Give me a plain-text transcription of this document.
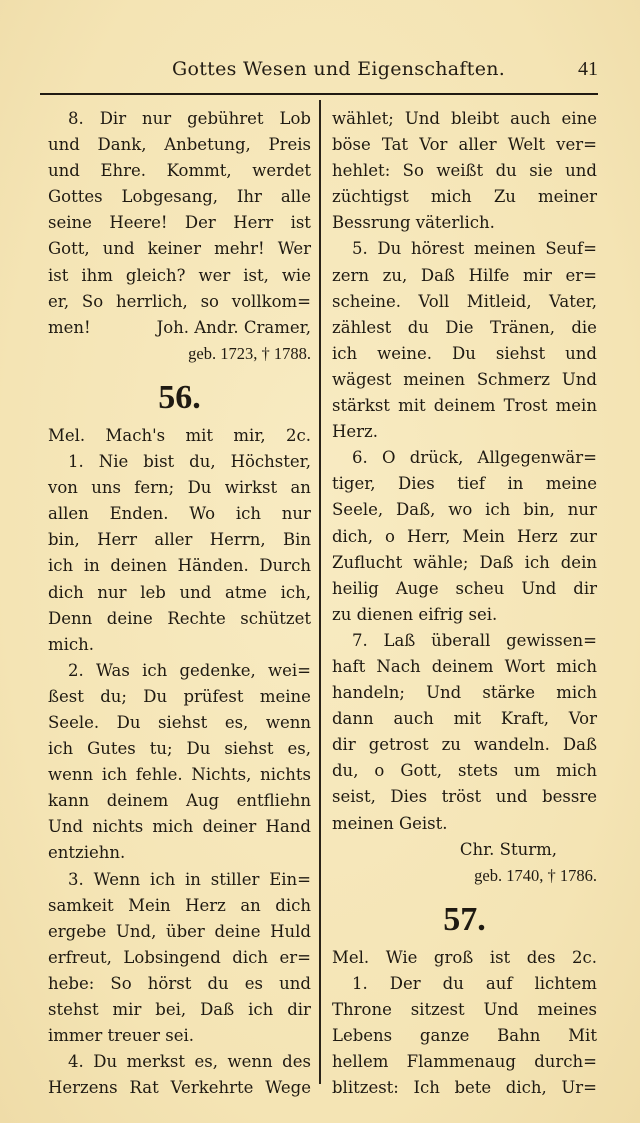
Gottes Wesen und Eigenschaften.	41
8. Dir nur gebühret Lob
und Dank, Anbetung, Preis
und Ehre. Kommt, werdet
Gottes Lobgesang, Ihr alle
seine Heere! Der Herr ist
Gott, und keiner mehr! Wer
ist ihm gleich? wer ist, wie
er, So herrlich, so vollkom=
men!	Joh. Andr. Cramer,
geb. 1723, † 1788.
56.
Mel. Mach's mit mir, 2c.
1. Nie bist du, Höchster,
von uns fern; Du wirkst an
allen Enden. Wo ich nur
bin, Herr aller Herrn, Bin
ich in deinen Händen. Durch
dich nur leb und atme ich,
Denn deine Rechte schützet
mich.
2. Was ich gedenke, wei=
ßest du; Du prüfest meine
Seele. Du siehst es, wenn
ich Gutes tu; Du siehst es,
wenn ich fehle. Nichts, nichts
kann deinem Aug entfliehn
Und nichts mich deiner Hand
entziehn.
3. Wenn ich in stiller Ein=
samkeit Mein Herz an dich
ergebe Und, über deine Huld
erfreut, Lobsingend dich er=
hebe: So hörst du es und
stehst mir bei, Daß ich dir
immer treuer sei.
4. Du merkst es, wenn des
Herzens Rat Verkehrte Wege
wählet; Und bleibt auch eine
böse Tat Vor aller Welt ver=
hehlet: So weißt du sie und
züchtigst mich Zu meiner
Bessrung väterlich.
5. Du hörest meinen Seuf=
zern zu, Daß Hilfe mir er=
scheine. Voll Mitleid, Vater,
zählest du Die Tränen, die
ich weine. Du siehst und
wägest meinen Schmerz Und
stärkst mit deinem Trost mein
Herz.
6. O drück, Allgegenwär=
tiger, Dies tief in meine
Seele, Daß, wo ich bin, nur
dich, o Herr, Mein Herz zur
Zuflucht wähle; Daß ich dein
heilig Auge scheu Und dir
zu dienen eifrig sei.
7. Laß überall gewissen=
haft Nach deinem Wort mich
handeln; Und stärke mich
dann auch mit Kraft, Vor
dir getrost zu wandeln. Daß
du, o Gott, stets um mich
seist, Dies tröst und bessre
meinen Geist.
Chr. Sturm,
geb. 1740, † 1786.
57.
Mel. Wie groß ist des 2c.
1. Der du auf lichtem
Throne sitzest Und meines
Lebens ganze Bahn Mit
hellem Flammenaug durch=
blitzest: Ich bete dich, Ur=
